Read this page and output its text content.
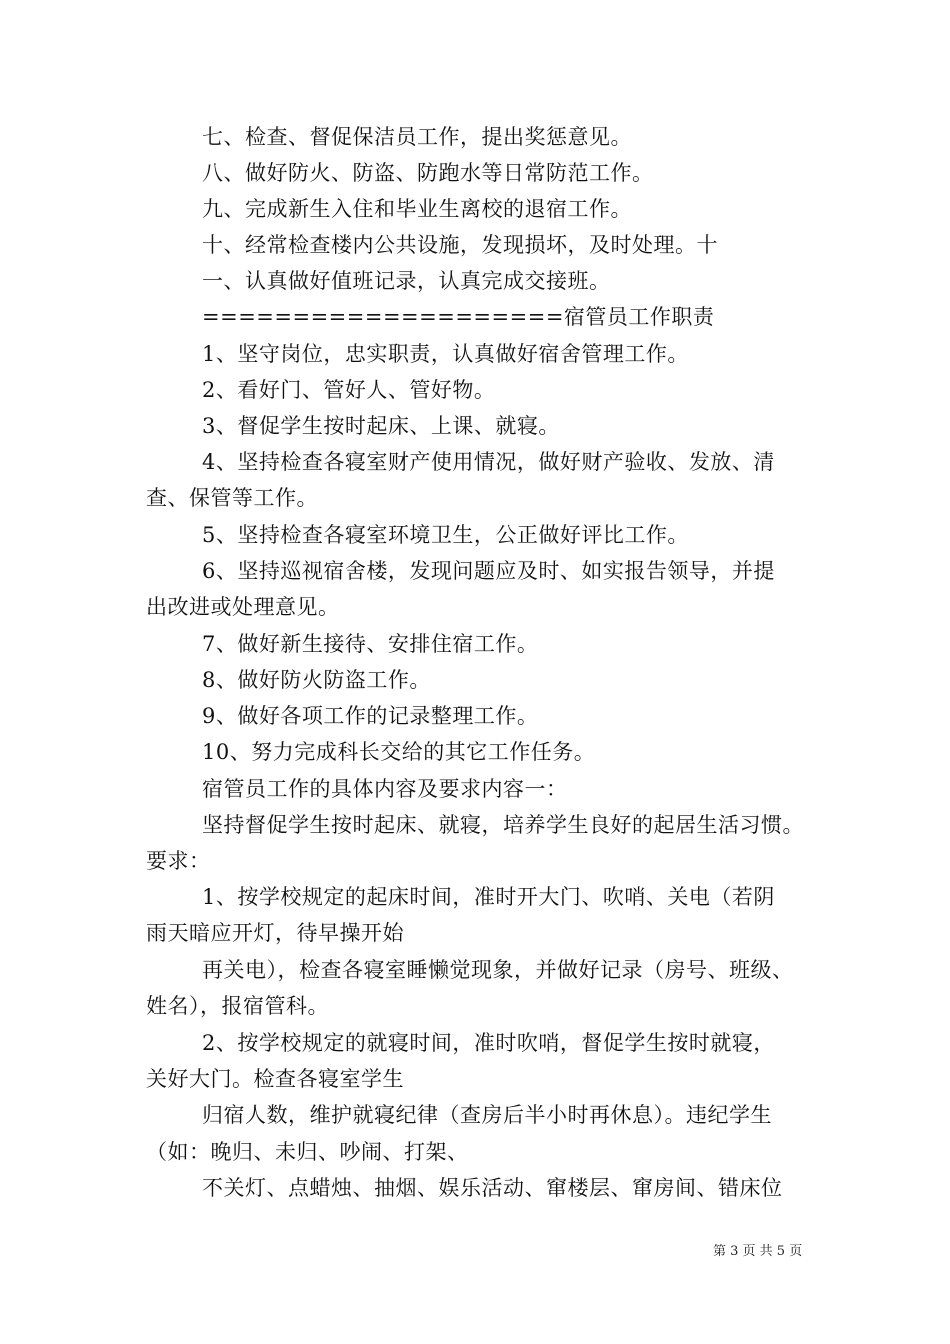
七、检查、督促保洁员工作，提出奖惩意见。
八、做好防火、防盗、防跑水等日常防范工作。
九、完成新生入住和毕业生离校的退宿工作。
十、经常检查楼内公共设施，发现损坏，及时处理。十
一、认真做好值班记录，认真完成交接班。
====================宿管员工作职责
1、坚守岗位，忠实职责，认真做好宿舍管理工作。
2、看好门、管好人、管好物。
3、督促学生按时起床、上课、就寝。
4、坚持检查各寝室财产使用情况，做好财产验收、发放、清
查、保管等工作。
5、坚持检查各寝室环境卫生，公正做好评比工作。
6、坚持巡视宿舍楼，发现问题应及时、如实报告领导，并提
出改进或处理意见。
7、做好新生接待、安排住宿工作。
8、做好防火防盗工作。
9、做好各项工作的记录整理工作。
10、努力完成科长交给的其它工作任务。
宿管员工作的具体内容及要求内容一：
坚持督促学生按时起床、就寝，培养学生良好的起居生活习惯。
要求：
1、按学校规定的起床时间，准时开大门、吹哨、关电（若阴
雨天暗应开灯，待早操开始
再关电），检查各寝室睡懒觉现象，并做好记录（房号、班级、
姓名），报宿管科。
2、按学校规定的就寝时间，准时吹哨，督促学生按时就寝，
关好大门。检查各寝室学生
归宿人数，维护就寝纪律（查房后半小时再休息）。违纪学生
（如：晚归、未归、吵闹、打架、
不关灯、点蜡烛、抽烟、娱乐活动、窜楼层、窜房间、错床位
第 3 页 共 5 页
